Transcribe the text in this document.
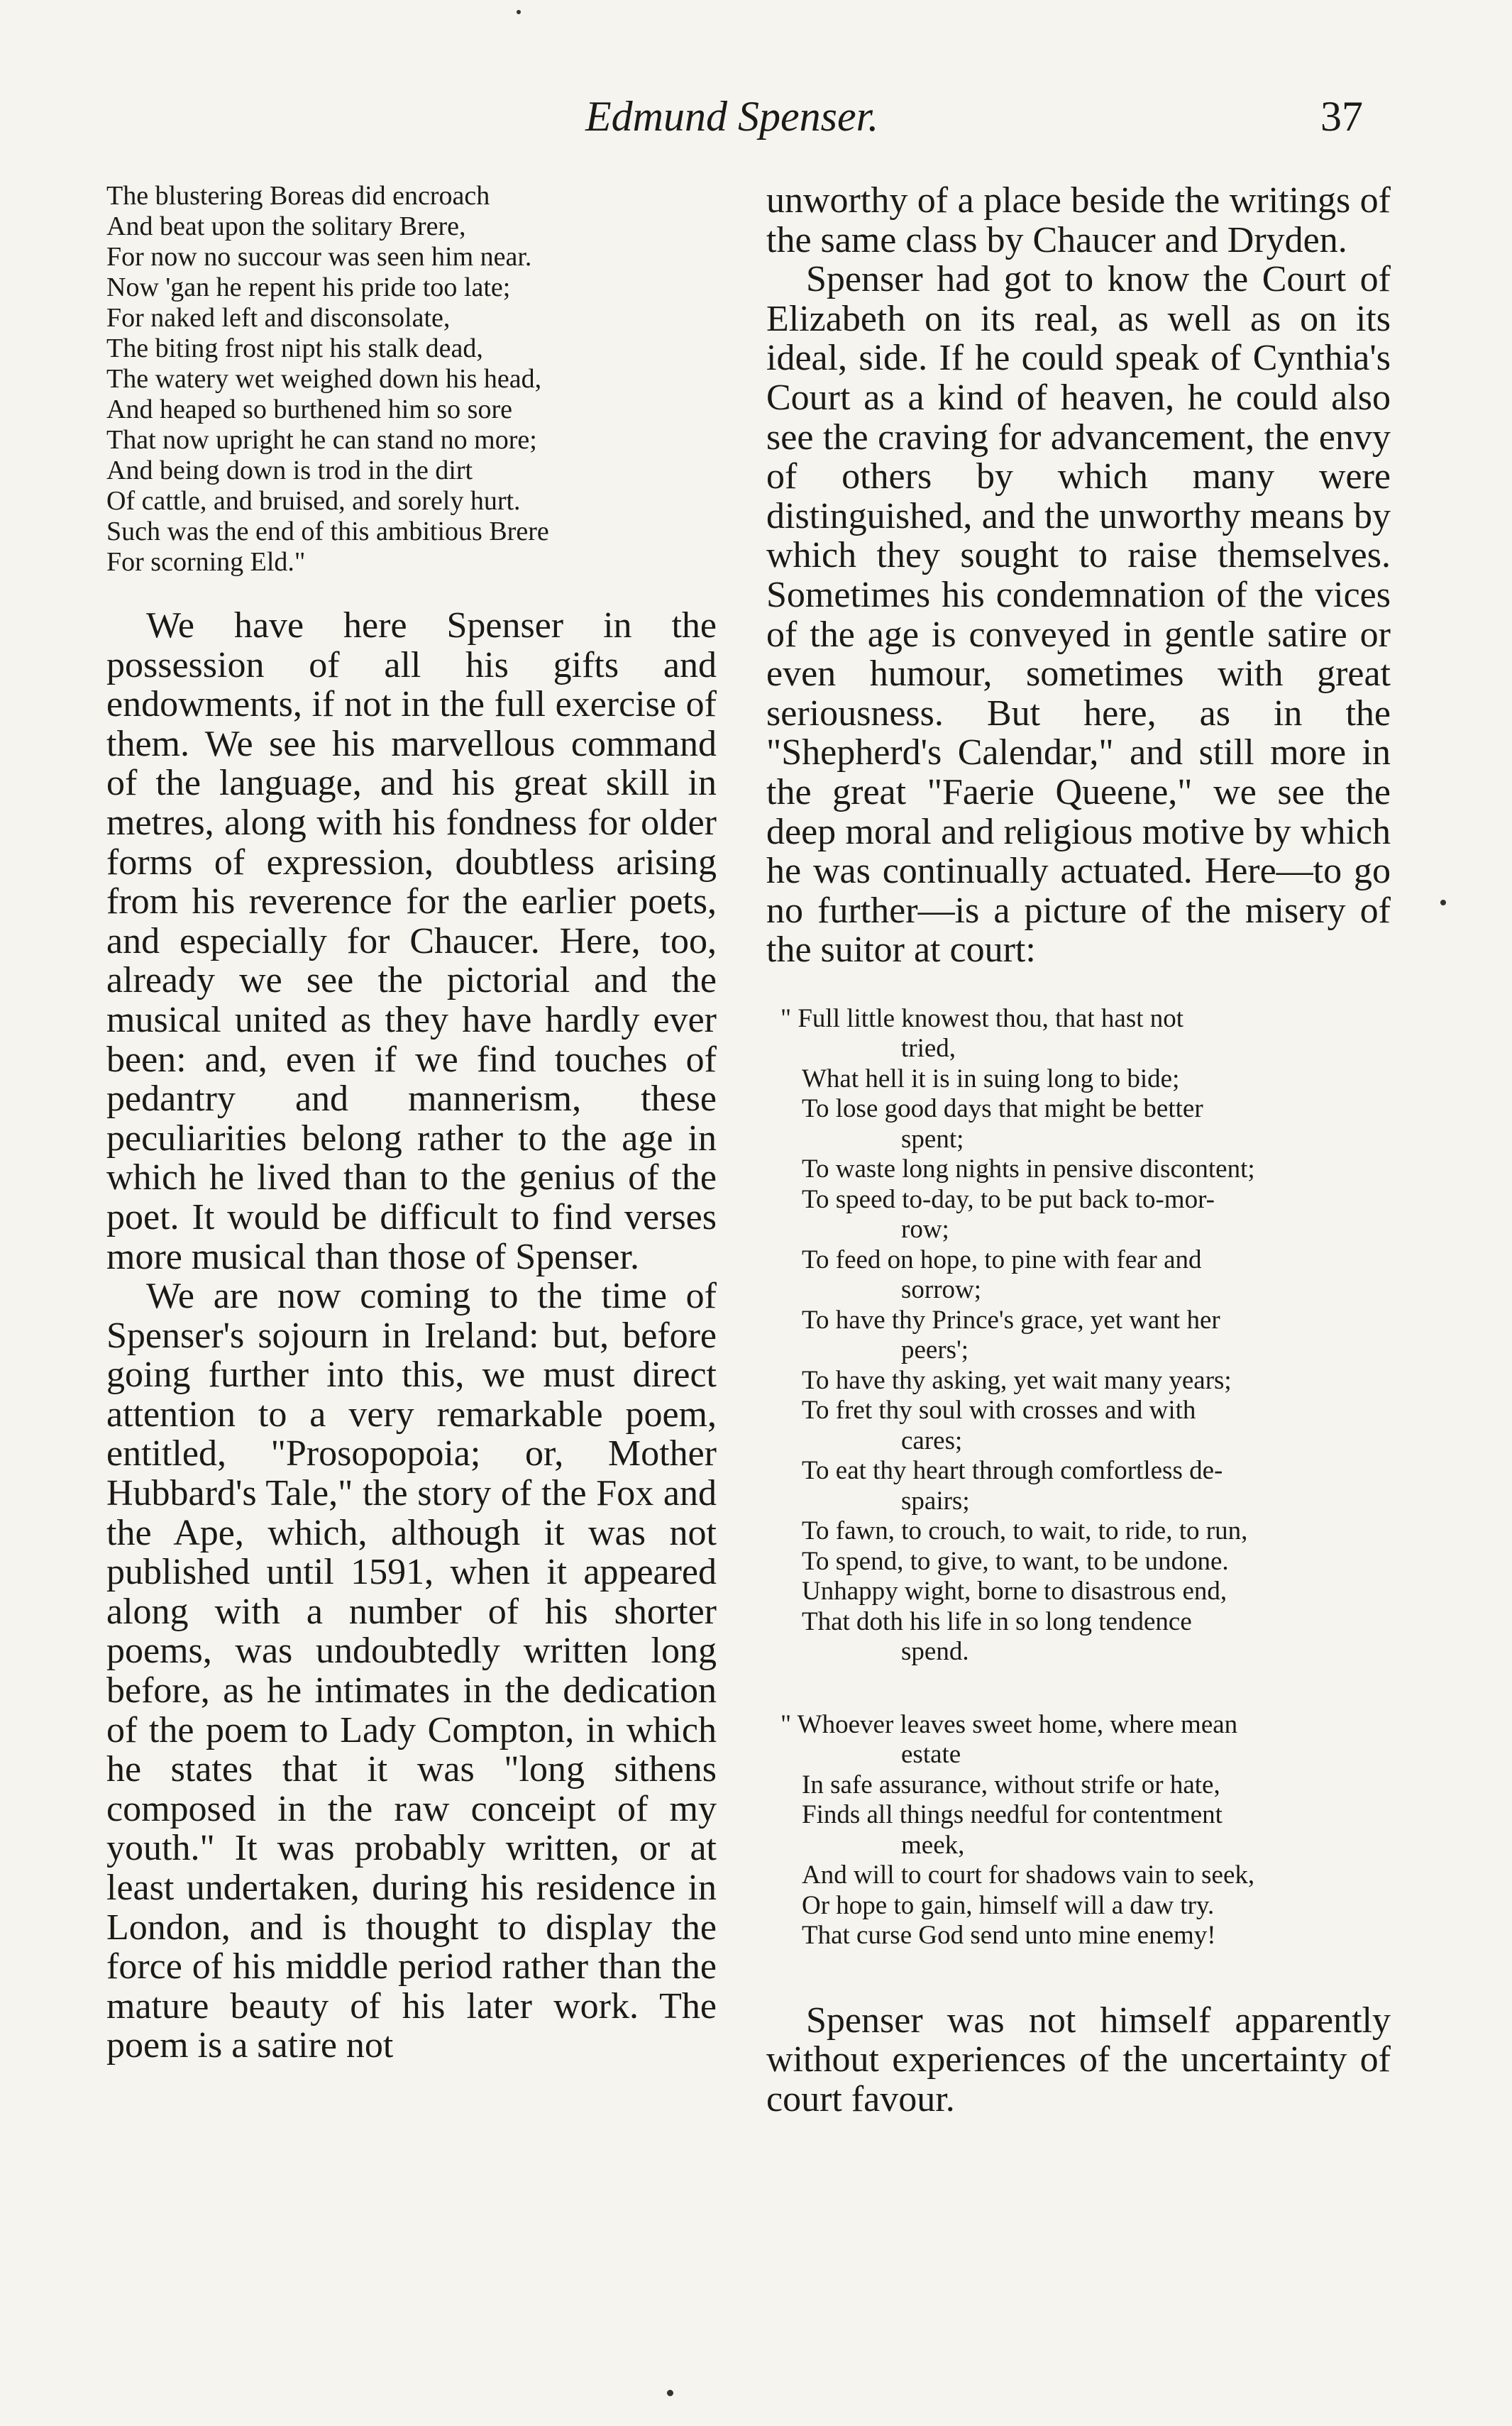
Edmund Spenser.	37
The blustering Boreas did encroach
And beat upon the solitary Brere,
For now no succour was seen him near.
Now 'gan he repent his pride too late;
For naked left and disconsolate,
The biting frost nipt his stalk dead,
The watery wet weighed down his head,
And heaped so burthened him so sore
That now upright he can stand no more;
And being down is trod in the dirt
Of cattle, and bruised, and sorely hurt.
Such was the end of this ambitious Brere
For scorning Eld."

We have here Spenser in the possession of all his gifts and endowments, if not in the full exercise of them. We see his marvellous command of the language, and his great skill in metres, along with his fondness for older forms of expression, doubtless arising from his reverence for the earlier poets, and especially for Chaucer. Here, too, already we see the pictorial and the musical united as they have hardly ever been: and, even if we find touches of pedantry and mannerism, these peculiarities belong rather to the age in which he lived than to the genius of the poet. It would be difficult to find verses more musical than those of Spenser.

We are now coming to the time of Spenser's sojourn in Ireland: but, before going further into this, we must direct attention to a very remarkable poem, entitled, "Prosopopoia; or, Mother Hubbard's Tale," the story of the Fox and the Ape, which, although it was not published until 1591, when it appeared along with a number of his shorter poems, was undoubtedly written long before, as he intimates in the dedication of the poem to Lady Compton, in which he states that it was "long sithens composed in the raw conceipt of my youth." It was probably written, or at least undertaken, during his residence in London, and is thought to display the force of his middle period rather than the mature beauty of his later work. The poem is a satire not

unworthy of a place beside the writings of the same class by Chaucer and Dryden.

Spenser had got to know the Court of Elizabeth on its real, as well as on its ideal, side. If he could speak of Cynthia's Court as a kind of heaven, he could also see the craving for advancement, the envy of others by which many were distinguished, and the unworthy means by which they sought to raise themselves. Sometimes his condemnation of the vices of the age is conveyed in gentle satire or even humour, sometimes with great seriousness. But here, as in the "Shepherd's Calendar," and still more in the great "Faerie Queene," we see the deep moral and religious motive by which he was continually actuated. Here—to go no further—is a picture of the misery of the suitor at court:

" Full little knowest thou, that hast not
tried,
What hell it is in suing long to bide;
To lose good days that might be better
spent;
To waste long nights in pensive discontent;
To speed to-day, to be put back to-mor-
row;
To feed on hope, to pine with fear and
sorrow;
To have thy Prince's grace, yet want her
peers';
To have thy asking, yet wait many years;
To fret thy soul with crosses and with
cares;
To eat thy heart through comfortless de-
spairs;
To fawn, to crouch, to wait, to ride, to run,
To spend, to give, to want, to be undone.
Unhappy wight, borne to disastrous end,
That doth his life in so long tendence
spend.
" Whoever leaves sweet home, where mean
estate
In safe assurance, without strife or hate,
Finds all things needful for contentment
meek,
And will to court for shadows vain to seek,
Or hope to gain, himself will a daw try.
That curse God send unto mine enemy!

Spenser was not himself apparently without experiences of the uncertainty of court favour.
